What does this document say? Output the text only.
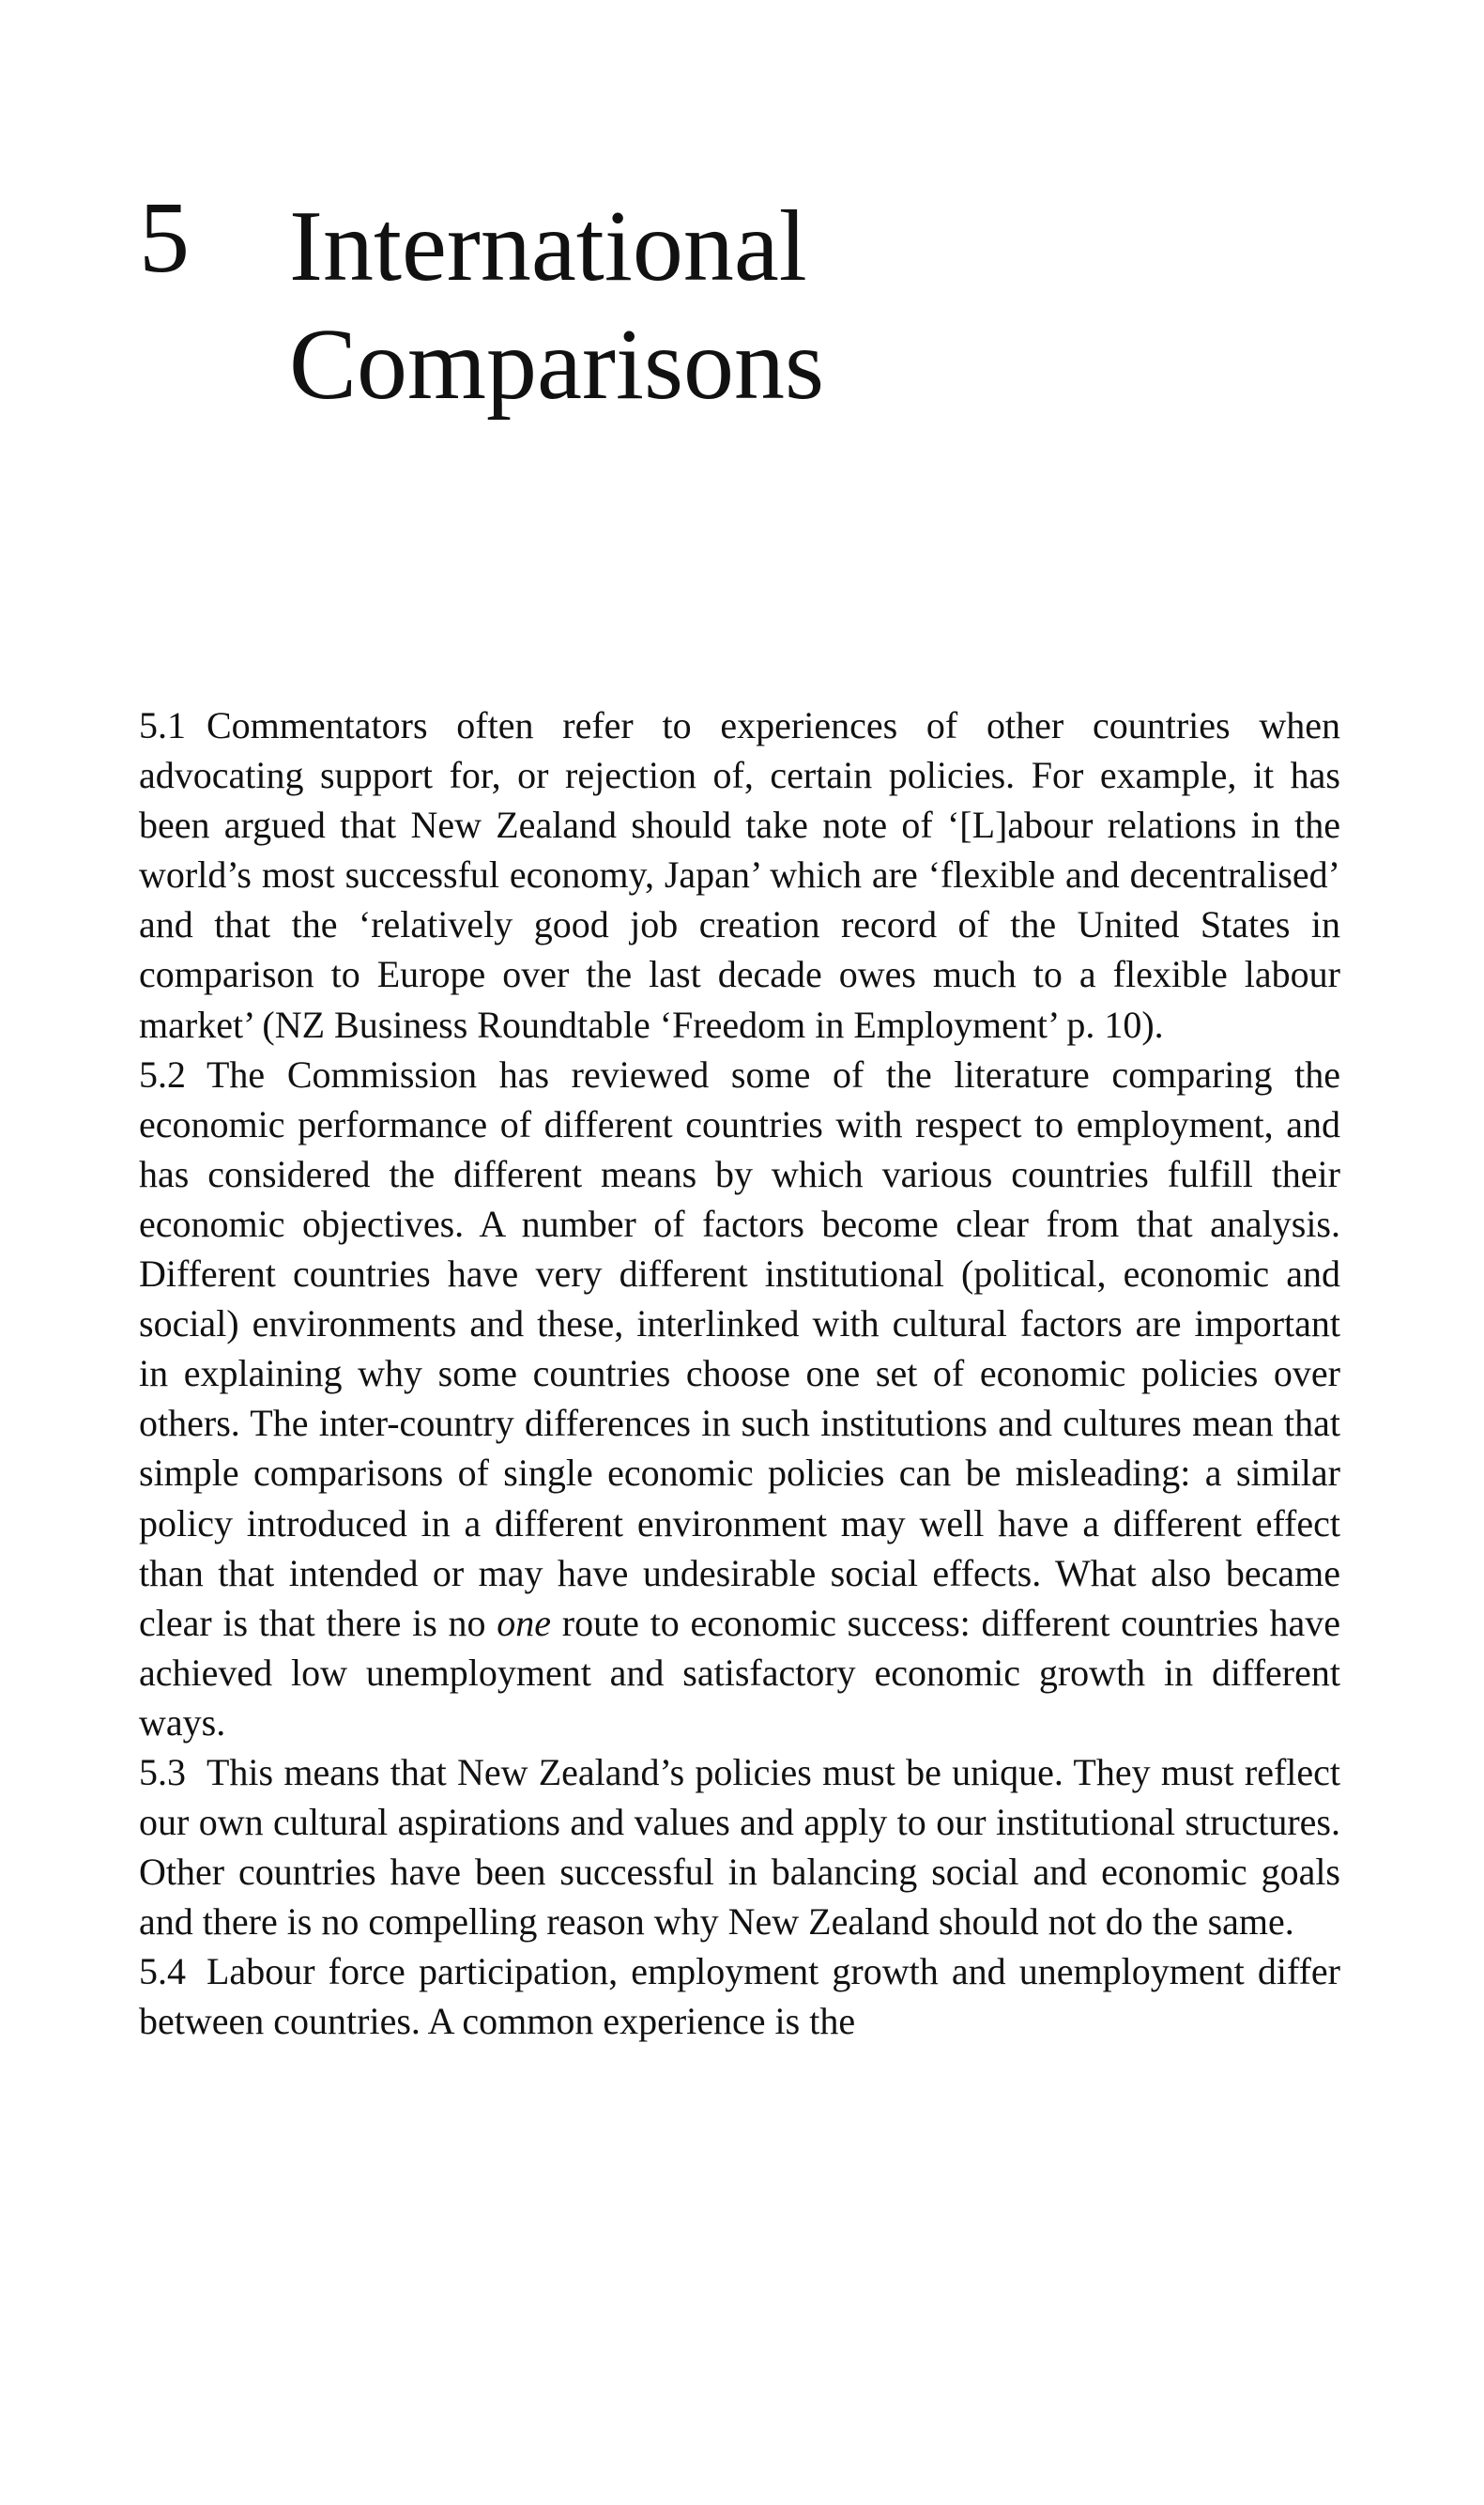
5 International
Comparisons

5.1 Commentators often refer to experiences of other countries when advocating support for, or rejection of, certain policies. For example, it has been argued that New Zealand should take note of ‘[L]abour relations in the world’s most successful economy, Japan’ which are ‘flexible and decentralised’ and that the ‘relatively good job creation record of the United States in comparison to Europe over the last decade owes much to a flexible labour market’ (NZ Business Roundtable ‘Freedom in Employment’ p. 10).

5.2 The Commission has reviewed some of the literature comparing the economic performance of different countries with respect to employment, and has considered the different means by which various countries fulfill their economic objectives. A number of factors become clear from that analysis. Different countries have very different institutional (political, economic and social) environments and these, interlinked with cultural factors are important in explaining why some countries choose one set of economic policies over others. The inter-country differences in such institutions and cultures mean that simple comparisons of single economic policies can be misleading: a similar policy introduced in a different environment may well have a different effect than that intended or may have undesirable social effects. What also became clear is that there is no one route to economic success: different countries have achieved low unemployment and satisfactory economic growth in different ways.

5.3 This means that New Zealand’s policies must be unique. They must reflect our own cultural aspirations and values and apply to our institutional structures. Other countries have been successful in balancing social and economic goals and there is no compelling reason why New Zealand should not do the same.

5.4 Labour force participation, employment growth and unemployment differ between countries. A common experience is the
